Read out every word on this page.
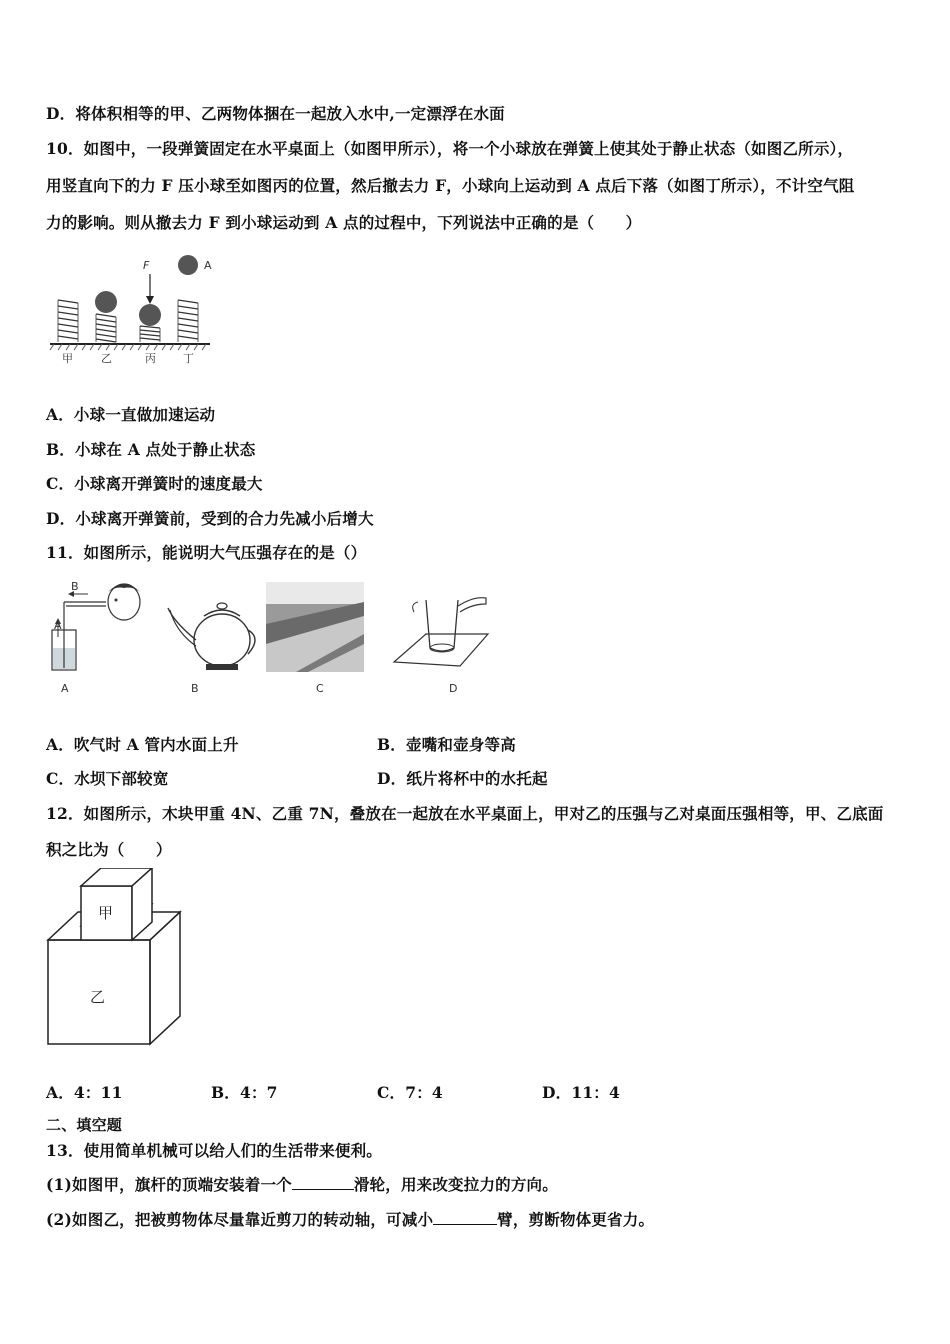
D．将体积相等的甲、乙两物体捆在一起放入水中,一定漂浮在水面
10．如图中，一段弹簧固定在水平桌面上（如图甲所示），将一个小球放在弹簧上使其处于静止状态（如图乙所示），
用竖直向下的力 F 压小球至如图丙的位置，然后撤去力 F，小球向上运动到 A 点后下落（如图丁所示），不计空气阻
力的影响。则从撤去力 F 到小球运动到 A 点的过程中，下列说法中正确的是（　　）
F	A
甲	乙	丙 丁
A．小球一直做加速运动
B．小球在 A 点处于静止状态
C．小球离开弹簧时的速度最大
D．小球离开弹簧前，受到的合力先减小后增大
11．如图所示，能说明大气压强存在的是（）
B
A
A	B	C	D
A．吹气时 A 管内水面上升	B．壶嘴和壶身等高
C．水坝下部较宽	D．纸片将杯中的水托起
12．如图所示，木块甲重 4N、乙重 7N，叠放在一起放在水平桌面上，甲对乙的压强与乙对桌面压强相等，甲、乙底面
积之比为（　　）
甲
乙
A．4：11	B．4：7	C．7：4	D．11：4
二、填空题
13．使用简单机械可以给人们的生活带来便利。
(1)如图甲，旗杆的顶端安装着一个	滑轮，用来改变拉力的方向。
(2)如图乙，把被剪物体尽量靠近剪刀的转动轴，可减小	臂，剪断物体更省力。
